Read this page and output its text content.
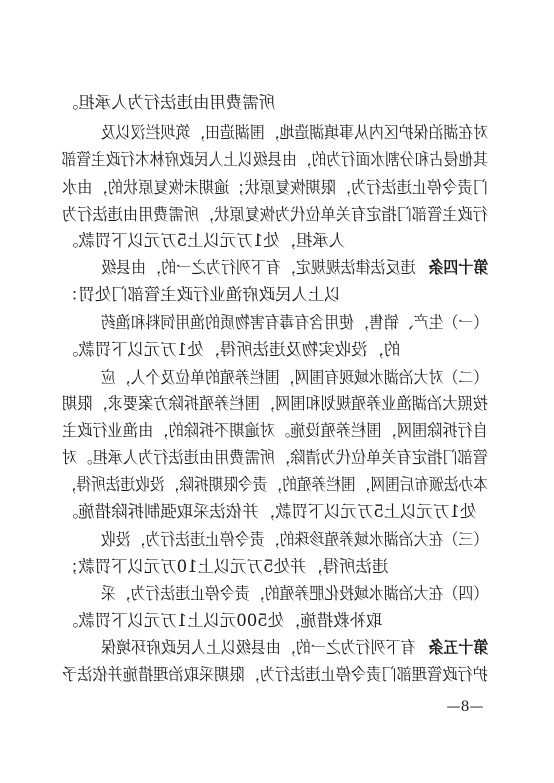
所需费用由违法行为人承担。
对在湖泊保护区内从事填湖造地，围湖造田，筑坝拦汊以及
其他侵占和分割水面行为的，由县级以上人民政府林木行政主管部
门责令停止违法行为，限期恢复原状；逾期未恢复原状的，由水
行政主管部门指定有关单位代为恢复原状，所需费用由违法行为
人承担，处1万元以上5万元以下罚款。
第十四条违反法律法规规定，有下列行为之一的，由县级
以上人民政府渔业行政主管部门处罚：
（一）生产、销售，使用含有毒有害物质的渔用饲料和渔药
的，没收实物及违法所得，处1万元以下罚款。
（二）对大冶湖水域现有围网，围栏养殖的单位及个人，应
按照大冶湖渔业养殖规划和围网，围栏养殖拆除方案要求，限期
自行拆除围网，围栏养殖设施。对逾期不拆除的，由渔业行政主
管部门指定有关单位代为清除，所需费用由违法行为人承担。对
本办法颁布后围网，围栏养殖的，责令限期拆除，没收违法所得，
处1万元以上5万元以下罚款，并依法采取强制拆除措施。
（三）在大冶湖水域养殖珍珠的，责令停止违法行为，没收
违法所得，并处5万元以上10万元以下罚款；
（四）在大冶湖水域投化肥养殖的，责令停止违法行为，采
取补救措施，处500元以上1万元以下罚款。
第十五条有下列行为之一的，由县级以上人民政府环境保
护行政管理部门责令停止违法行为，限期采取治理措施并依法予
—8—
